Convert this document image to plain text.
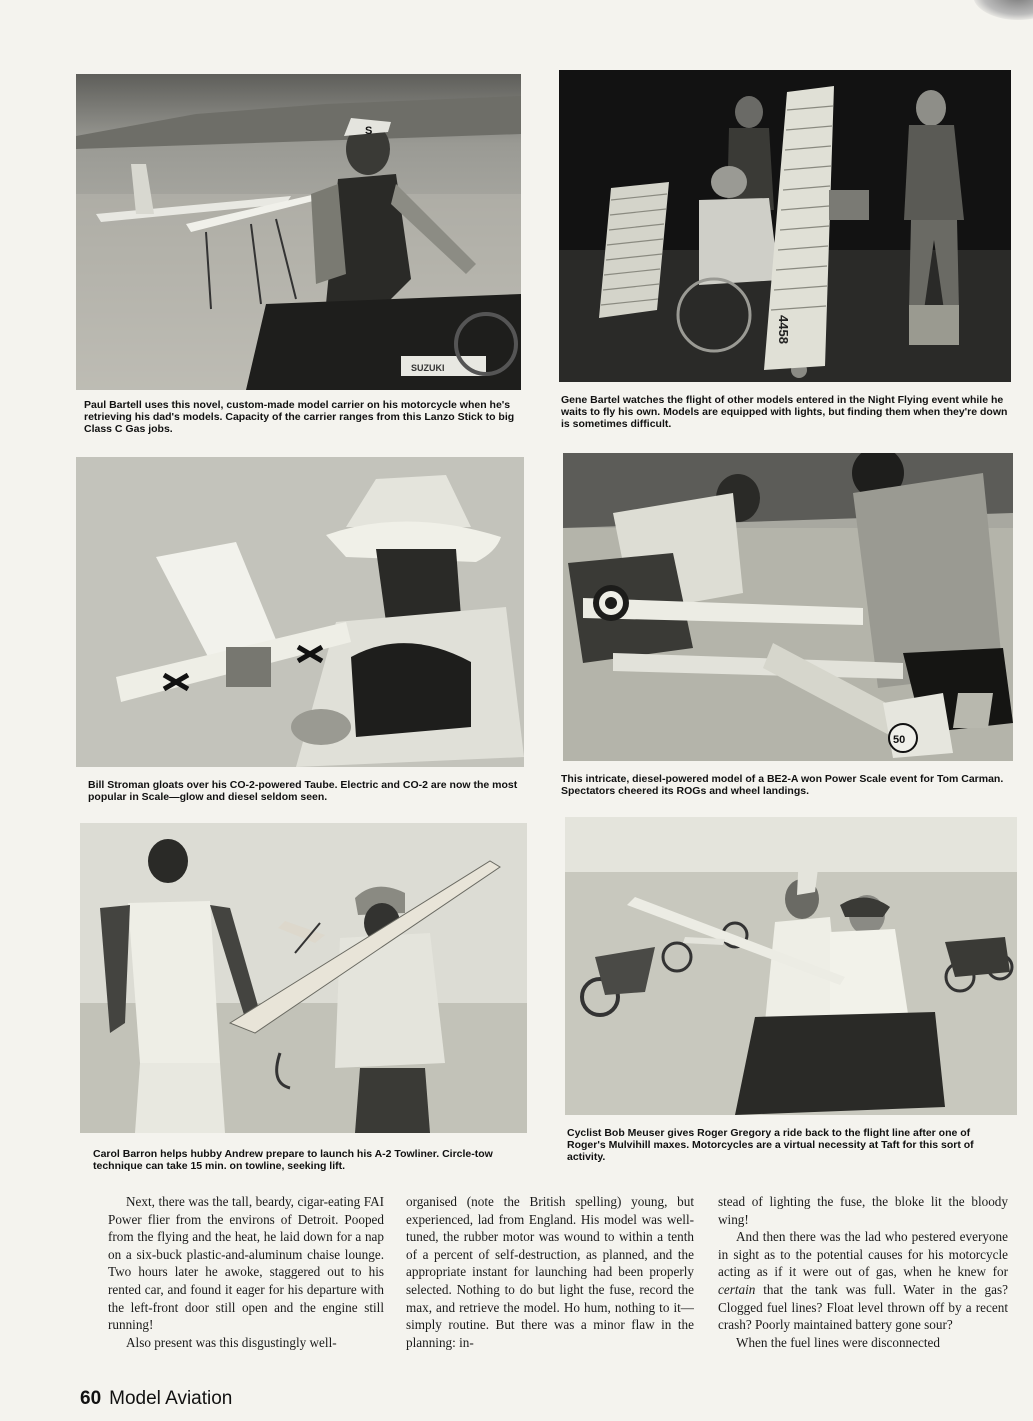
S
SUZUKI

Paul Bartell uses this novel, custom-made model carrier on his motorcycle when he's retrieving his dad's models. Capacity of the carrier ranges from this Lanzo Stick to big Class C Gas jobs.

4458

Gene Bartel watches the flight of other models entered in the Night Flying event while he waits to fly his own. Models are equipped with lights, but finding them when they're down is sometimes difficult.

Bill Stroman gloats over his CO-2-powered Taube. Electric and CO-2 are now the most popular in Scale—glow and diesel seldom seen.

50

This intricate, diesel-powered model of a BE2-A won Power Scale event for Tom Carman. Spectators cheered its ROGs and wheel landings.

Carol Barron helps hubby Andrew prepare to launch his A-2 Towliner. Circle-tow technique can take 15 min. on towline, seeking lift.

Cyclist Bob Meuser gives Roger Gregory a ride back to the flight line after one of Roger's Mulvihill maxes. Motorcycles are a virtual necessity at Taft for this sort of activity.

Next, there was the tall, beardy, cigar-eating FAI Power flier from the environs of Detroit. Pooped from the flying and the heat, he laid down for a nap on a six-buck plastic-and-aluminum chaise lounge. Two hours later he awoke, staggered out to his rented car, and found it eager for his departure with the left-front door still open and the engine still running!

Also present was this disgustingly well-

organised (note the British spelling) young, but experienced, lad from England. His model was well-tuned, the rubber motor was wound to within a tenth of a percent of self-destruction, as planned, and the appropriate instant for launching had been properly selected. Nothing to do but light the fuse, record the max, and retrieve the model. Ho hum, nothing to it—simply routine. But there was a minor flaw in the planning: in-

stead of lighting the fuse, the bloke lit the bloody wing!

And then there was the lad who pestered everyone in sight as to the potential causes for his motorcycle acting as if it were out of gas, when he knew for certain that the tank was full. Water in the gas? Clogged fuel lines? Float level thrown off by a recent crash? Poorly maintained battery gone sour?

When the fuel lines were disconnected

60 Model Aviation
